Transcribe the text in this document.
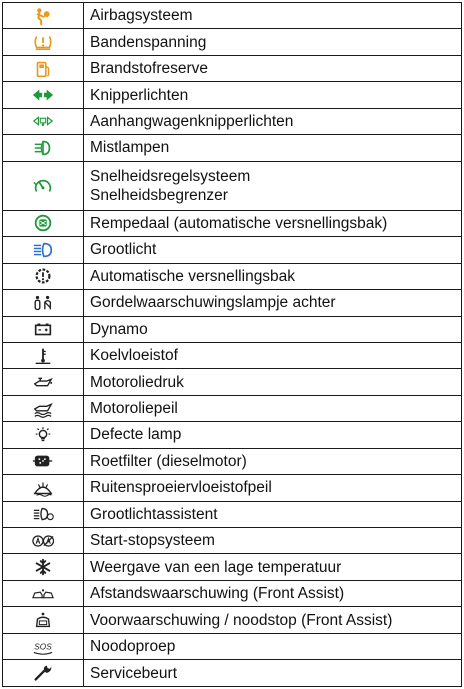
Airbagsysteem

Bandenspanning

Brandstofreserve

Knipperlichten

Aanhangwagenknipperlichten

Mistlampen

Snelheidsregelsysteem
Snelheidsbegrenzer

Rempedaal (automatische versnellingsbak)

Grootlicht

Automatische versnellingsbak

Gordelwaarschuwingslampje achter

Dynamo

Koelvloeistof

Motoroliedruk

Motoroliepeil

Defecte lamp

Roetfilter (dieselmotor)

Ruitensproeiervloeistofpeil

Grootlichtassistent

Start-stopsysteem

Weergave van een lage temperatuur

Afstandswaarschuwing (Front Assist)

Voorwaarschuwing / noodstop (Front Assist)

SOS	Noodoproep

Servicebeurt
